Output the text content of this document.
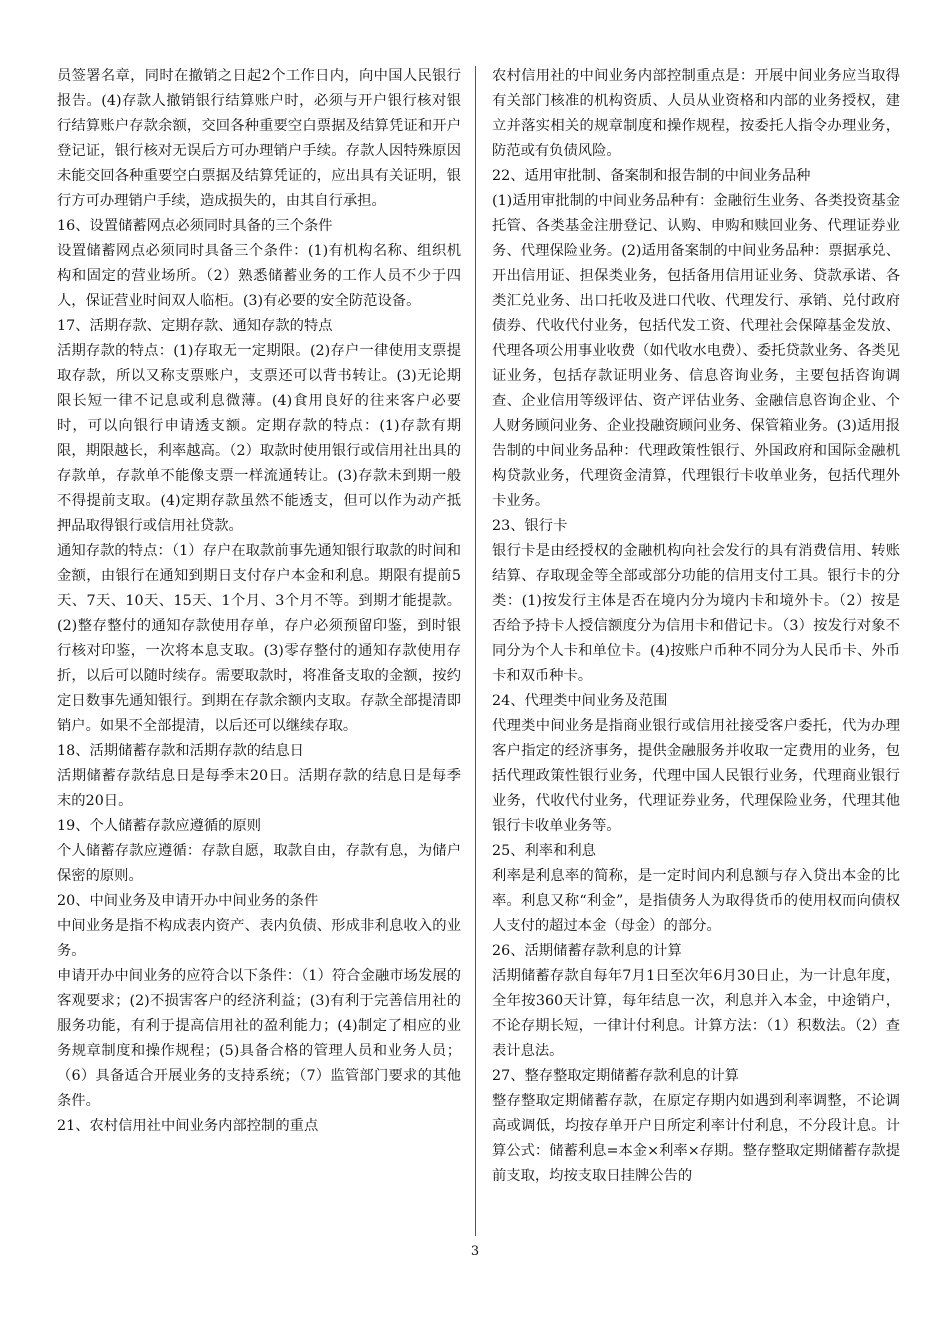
员签署名章，同时在撤销之日起2个工作日内，向中国人民银行报告。(4)存款人撤销银行结算账户时，必须与开户银行核对银行结算账户存款余额，交回各种重要空白票据及结算凭证和开户登记证，银行核对无误后方可办理销户手续。存款人因特殊原因未能交回各种重要空白票据及结算凭证的，应出具有关证明，银行方可办理销户手续，造成损失的，由其自行承担。

16、设置储蓄网点必须同时具备的三个条件

设置储蓄网点必须同时具备三个条件：(1)有机构名称、组织机构和固定的营业场所。（2）熟悉储蓄业务的工作人员不少于四人，保证营业时间双人临柜。(3)有必要的安全防范设备。

17、活期存款、定期存款、通知存款的特点

活期存款的特点：(1)存取无一定期限。(2)存户一律使用支票提取存款，所以又称支票账户，支票还可以背书转让。(3)无论期限长短一律不记息或利息微薄。(4)食用良好的往来客户必要时，可以向银行申请透支额。定期存款的特点：(1)存款有期限，期限越长，利率越高。（2）取款时使用银行或信用社出具的存款单，存款单不能像支票一样流通转让。(3)存款未到期一般不得提前支取。(4)定期存款虽然不能透支，但可以作为动产抵押品取得银行或信用社贷款。

通知存款的特点：（1）存户在取款前事先通知银行取款的时间和金额，由银行在通知到期日支付存户本金和利息。期限有提前5天、7天、10天、15天、1个月、3个月不等。到期才能提款。(2)整存整付的通知存款使用存单，存户必须预留印鉴，到时银行核对印鉴，一次将本息支取。(3)零存整付的通知存款使用存折，以后可以随时续存。需要取款时，将准备支取的金额，按约定日数事先通知银行。到期在存款余额内支取。存款全部提清即销户。如果不全部提清，以后还可以继续存取。

18、活期储蓄存款和活期存款的结息日

活期储蓄存款结息日是每季末20日。活期存款的结息日是每季末的20日。

19、个人储蓄存款应遵循的原则

个人储蓄存款应遵循：存款自愿，取款自由，存款有息，为储户保密的原则。

20、中间业务及申请开办中间业务的条件

中间业务是指不构成表内资产、表内负债、形成非利息收入的业务。

申请开办中间业务的应符合以下条件：（1）符合金融市场发展的客观要求；(2)不损害客户的经济利益；(3)有利于完善信用社的服务功能，有利于提高信用社的盈利能力；(4)制定了相应的业务规章制度和操作规程；(5)具备合格的管理人员和业务人员；（6）具备适合开展业务的支持系统；（7）监管部门要求的其他条件。

21、农村信用社中间业务内部控制的重点

农村信用社的中间业务内部控制重点是：开展中间业务应当取得有关部门核准的机构资质、人员从业资格和内部的业务授权，建立并落实相关的规章制度和操作规程，按委托人指令办理业务，防范或有负债风险。

22、适用审批制、备案制和报告制的中间业务品种

(1)适用审批制的中间业务品种有：金融衍生业务、各类投资基金托管、各类基金注册登记、认购、申购和赎回业务、代理证券业务、代理保险业务。(2)适用备案制的中间业务品种：票据承兑、开出信用证、担保类业务，包括备用信用证业务、贷款承诺、各类汇兑业务、出口托收及进口代收、代理发行、承销、兑付政府债券、代收代付业务，包括代发工资、代理社会保障基金发放、代理各项公用事业收费（如代收水电费）、委托贷款业务、各类见证业务，包括存款证明业务、信息咨询业务，主要包括咨询调查、企业信用等级评估、资产评估业务、金融信息咨询企业、个人财务顾问业务、企业投融资顾问业务、保管箱业务。(3)适用报告制的中间业务品种：代理政策性银行、外国政府和国际金融机构贷款业务，代理资金清算，代理银行卡收单业务，包括代理外卡业务。

23、银行卡

银行卡是由经授权的金融机构向社会发行的具有消费信用、转账结算、存取现金等全部或部分功能的信用支付工具。银行卡的分类：(1)按发行主体是否在境内分为境内卡和境外卡。（2）按是否给予持卡人授信额度分为信用卡和借记卡。（3）按发行对象不同分为个人卡和单位卡。(4)按账户币种不同分为人民币卡、外币卡和双币种卡。

24、代理类中间业务及范围

代理类中间业务是指商业银行或信用社接受客户委托，代为办理客户指定的经济事务，提供金融服务并收取一定费用的业务，包括代理政策性银行业务，代理中国人民银行业务，代理商业银行业务，代收代付业务，代理证券业务，代理保险业务，代理其他银行卡收单业务等。

25、利率和利息

利率是利息率的简称，是一定时间内利息额与存入贷出本金的比率。利息又称“利金”，是指债务人为取得货币的使用权而向债权人支付的超过本金（母金）的部分。

26、活期储蓄存款利息的计算

活期储蓄存款自每年7月1日至次年6月30日止，为一计息年度，全年按360天计算，每年结息一次，利息并入本金，中途销户，不论存期长短，一律计付利息。计算方法：（1）积数法。（2）查表计息法。

27、整存整取定期储蓄存款利息的计算

整存整取定期储蓄存款，在原定存期内如遇到利率调整，不论调高或调低，均按存单开户日所定利率计付利息，不分段计息。计算公式：储蓄利息=本金×利率×存期。整存整取定期储蓄存款提前支取，均按支取日挂牌公告的

3
